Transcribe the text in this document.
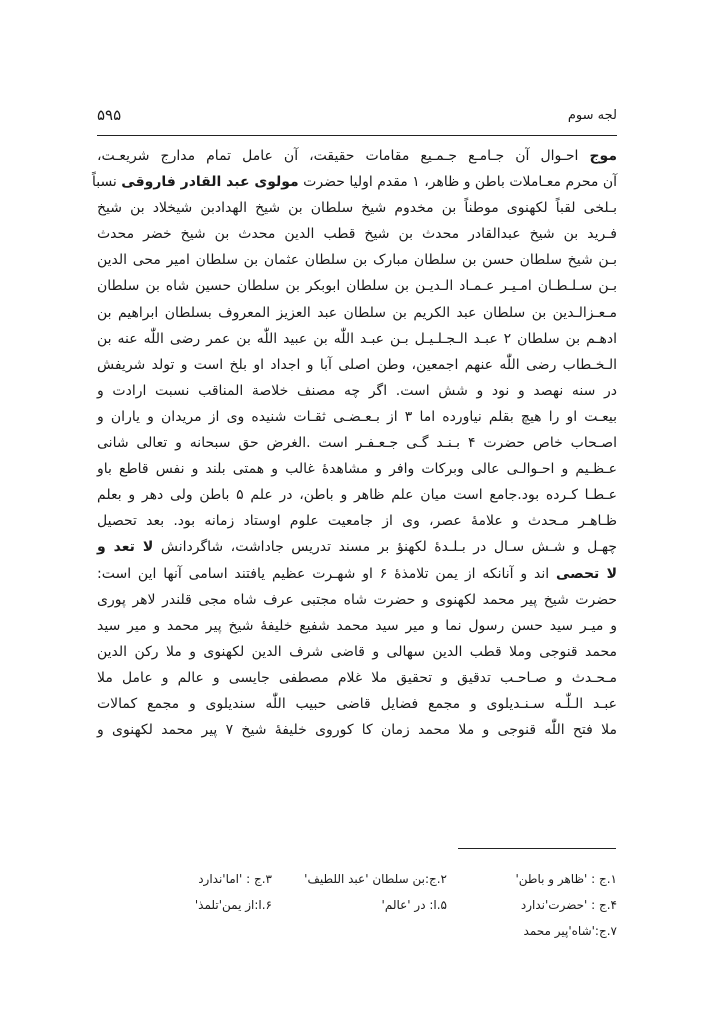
لجه سوم
۵۹۵
موج احـوال آن جـامـع جـمـیع مقامات حقیقت، آن عامل تمام مدارج شریعـت،
آن محرم معـاملات باطن و ظاهر، ۱ مقدم اولیا حضرت مولوی عبد القادر فاروقی نسباً
بـلخی لقباً لکهنوی موطناً بن مخدوم شیخ سلطان بن شیخ الهدادبن شیخلاد بن شیخ
فـرید بن شیخ عبدالقادر محدث بن شیخ قطب الدین محدث بن شیخ خضر محدث
بـن شیخ سلطان حسن بن سلطان مبارک بن سلطان عثمان بن سلطان امیر محی الدین
بـن سـلـطـان امـیـر عـمـاد الـدیـن بن سلطان ابوبکر بن سلطان حسین شاه بن سلطان
مـعـزالـدین بن سلطان عبد الکریم بن سلطان عبد العزیز المعروف بسلطان ابراهیم بن
ادهـم بن سلطان ۲ عبـد الـجـلـیـل بـن عبـد اللّٰه بن عبید اللّٰه بن عمر رضی اللّٰه عنه بن
الـخـطاب رضی اللّٰه عنهم اجمعین، وطن اصلی آبا و اجداد او بلخ است و تولد شریفش
در سنه نهصد و نود و شش است. اگر چه مصنف خلاصة المناقب نسبت ارادت و
بیعـت او را هیچ بقلم نیاورده اما ۳ از بـعـضـی ثقـات شنیده وی از مریدان و یاران و
اصـحاب خاص حضرت ۴ بـنـد گـی جـعـفـر است .الغرض حق سبحانه و تعالی شانی
عـظـیم و احـوالـی عالی وبرکات وافر و مشاهدۀ غالب و همتی بلند و نفس قاطع باو
عـطـا کـرده بود.جامع است میان علم ظاهر و باطن، در علم ۵ باطن ولی دهر و بعلم
ظـاهـر مـحدث و علامۀ عصر، وی از جامعیت علوم اوستاد زمانه بود. بعد تحصیل
چهـل و شـش سـال در بـلـدۀ لکهنؤ بر مسند تدریس جاداشت، شاگردانش لا تعد و
لا تحصی اند و آنانکه از یمن تلامذۀ ۶ او شهـرت عظیم یافتند اسامی آنها این است:
حضرت شیخ پیر محمد لکهنوی و حضرت شاه مجتبی عرف شاه مجی قلندر لاهر پوری
و میـر سید حسن رسول نما و میر سید محمد شفیع خلیفۀ شیخ پیر محمد و میر سید
محمد قنوجی وملا قطب الدین سهالی و قاضی شرف الدین لکهنوی و ملا رکن الدین
مـحـدث و صـاحـب تدقیق و تحقیق ملا غلام مصطفی جایسی و عالم و عامل ملا
عبـد الـلّٰـه سـنـدیلوی و مجمع فضایل قاضی حبیب اللّٰه سندیلوی و مجمع کمالات
ملا فتح اللّٰه قنوجی و ملا محمد زمان کا کوروی خلیفۀ شیخ ۷ پیر محمد لکهنوی و
۱.ج : 'ظاهر و باطن'
۲.ج:بن سلطان 'عبد اللطیف'
۳.ج : 'اما'ندارد
۴.ج : 'حضرت'ندارد
۵.ا: در 'عالم'
۶.ا:از یمن'تلمذ'
۷.ج:'شاه'پیر محمد
